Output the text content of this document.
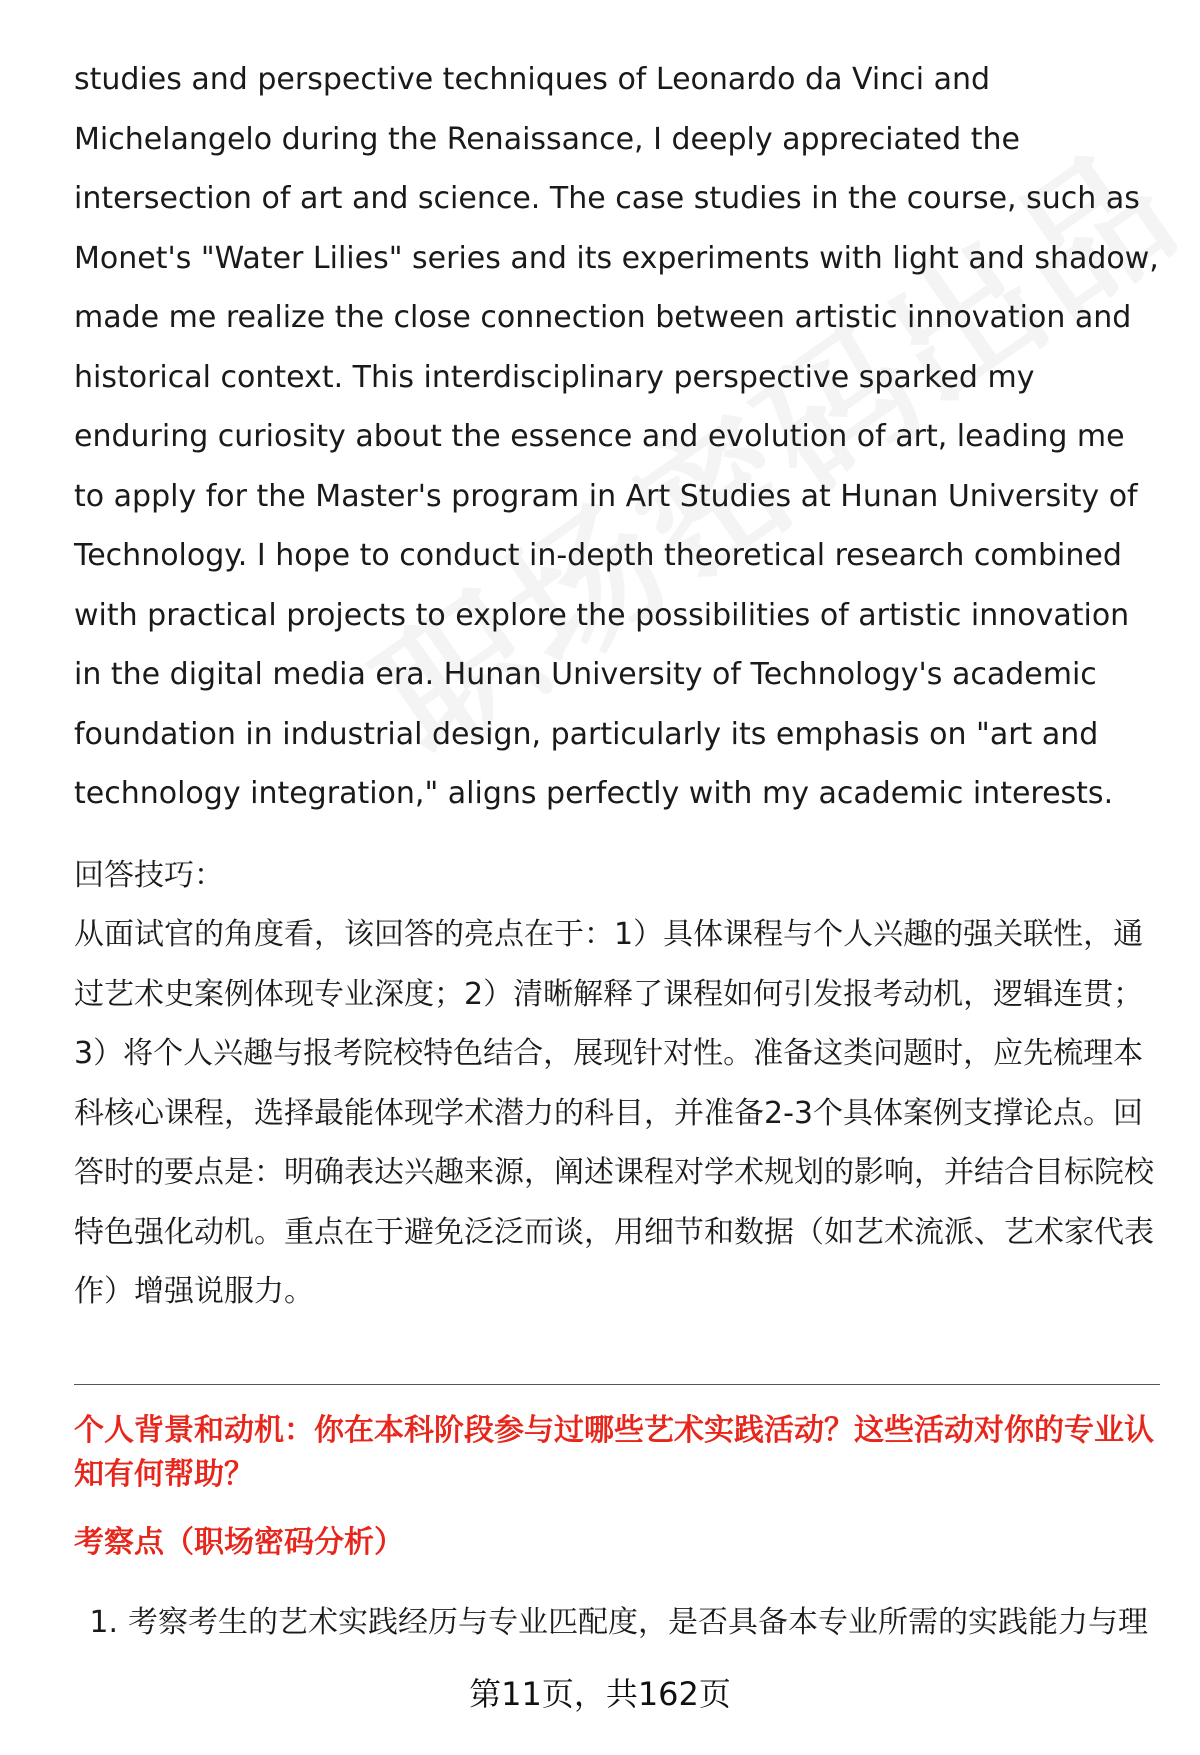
studies and perspective techniques of Leonardo da Vinci and Michelangelo during the Renaissance, I deeply appreciated the intersection of art and science. The case studies in the course, such as Monet's "Water Lilies" series and its experiments with light and shadow, made me realize the close connection between artistic innovation and historical context. This interdisciplinary perspective sparked my enduring curiosity about the essence and evolution of art, leading me to apply for the Master's program in Art Studies at Hunan University of Technology. I hope to conduct in-depth theoretical research combined with practical projects to explore the possibilities of artistic innovation in the digital media era. Hunan University of Technology's academic foundation in industrial design, particularly its emphasis on "art and technology integration," aligns perfectly with my academic interests.

回答技巧：

从面试官的角度看，该回答的亮点在于：1）具体课程与个人兴趣的强关联性，通过艺术史案例体现专业深度；2）清晰解释了课程如何引发报考动机，逻辑连贯；3）将个人兴趣与报考院校特色结合，展现针对性。准备这类问题时，应先梳理本科核心课程，选择最能体现学术潜力的科目，并准备2-3个具体案例支撑论点。回答时的要点是：明确表达兴趣来源，阐述课程对学术规划的影响，并结合目标院校特色强化动机。重点在于避免泛泛而谈，用细节和数据（如艺术流派、艺术家代表作）增强说服力。

个人背景和动机：你在本科阶段参与过哪些艺术实践活动？这些活动对你的专业认知有何帮助？
考察点（职场密码分析）
1. 考察考生的艺术实践经历与专业匹配度，是否具备本专业所需的实践能力与理
第11页，共162页
